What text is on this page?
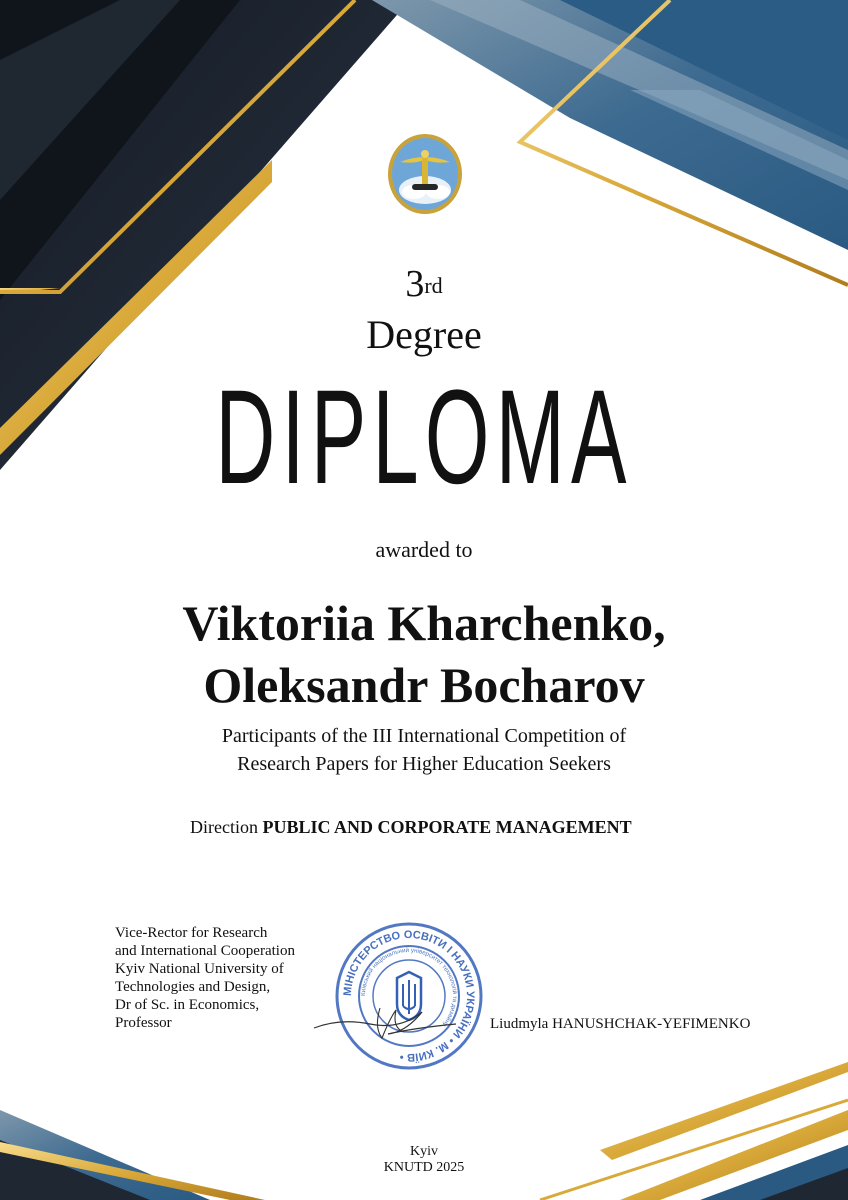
3rd
Degree
DIPLOMA
awarded to
Viktoriia Kharchenko,
Oleksandr Bocharov
Participants of the III International Competition of
Research Papers for Higher Education Seekers
Direction PUBLIC AND CORPORATE MANAGEMENT
Vice-Rector for Research
and International Cooperation
Kyiv National University of
Technologies and Design,
Dr of Sc. in Economics,
Professor
МІНІСТЕРСТВО ОСВІТИ І НАУКИ УКРАЇНИ • М. КИЇВ •
Київський національний університет технологій та дизайну	Liudmyla HANUSHCHAK-YEFIMENKO
Kyiv
KNUTD 2025
